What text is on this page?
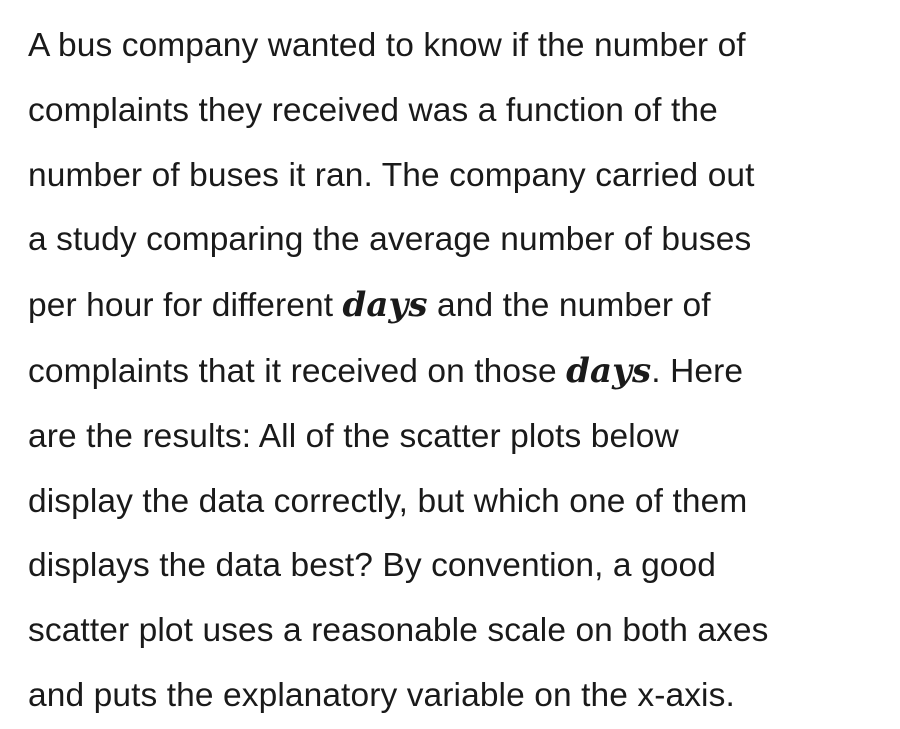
A bus company wanted to know if the number of
complaints they received was a function of the
number of buses it ran. The company carried out
a study comparing the average number of buses
per hour for different days and the number of
complaints that it received on those days. Here
are the results: All of the scatter plots below
display the data correctly, but which one of them
displays the data best? By convention, a good
scatter plot uses a reasonable scale on both axes
and puts the explanatory variable on the x-axis.
